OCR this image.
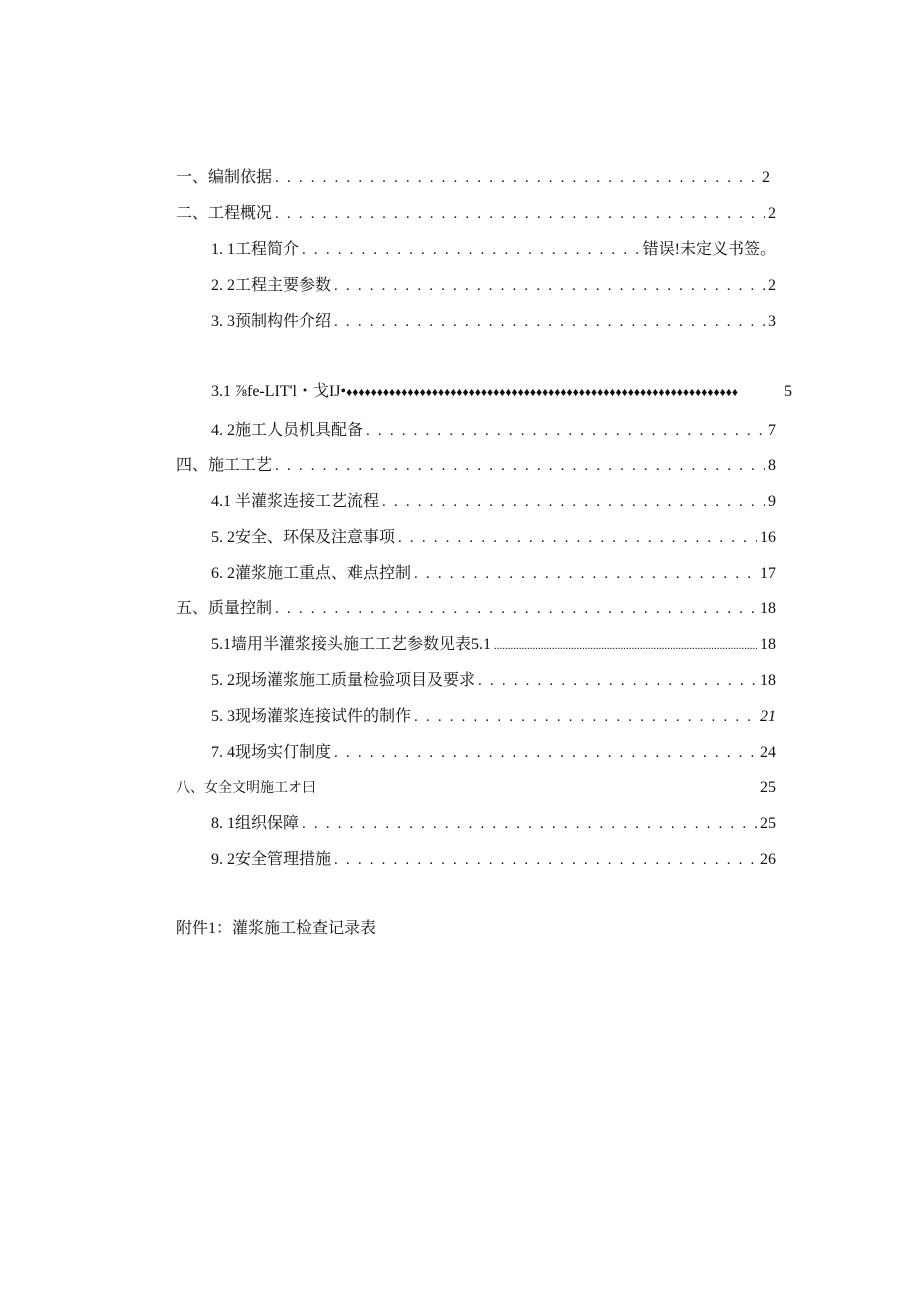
一、编制依据 . . .	2
二、工程概况 . . .	2
1. 1工程简介 . . .	错误!未定义书签。
2. 2工程主要参数 . . .	2
3. 3预制构件介绍 . . .	3
3.1 ⅞fe-LIT'l・戈IJ• ♦♦♦♦♦♦♦♦♦♦♦♦♦♦♦♦♦♦♦♦♦♦♦♦♦♦♦♦♦♦♦♦♦♦♦♦♦♦♦♦♦♦♦♦♦♦♦♦♦♦♦♦♦♦♦♦♦♦♦♦♦♦♦♦	5
4. 2施工人员机具配备 . . .	7
四、施工工艺 . . .	8
4.1 半灌浆连接工艺流程 . . .	9
5. 2安全、环保及注意事项 . . .	16
6. 2灌浆施工重点、难点控制 . . .	17
五、质量控制 . . .	18
5.1墙用半灌浆接头施工工艺参数见表5.1 .....	18
5. 2现场灌浆施工质量检验项目及要求 . . .	18
5. 3现场灌浆连接试件的制作 . . .	21
7. 4现场实仃制度 . . .	24
八、女全文明施工オ曰	25
8. 1组织保障 . . .	25
9. 2安全管理措施 . . .	26
附件1：灌浆施工检查记录表
